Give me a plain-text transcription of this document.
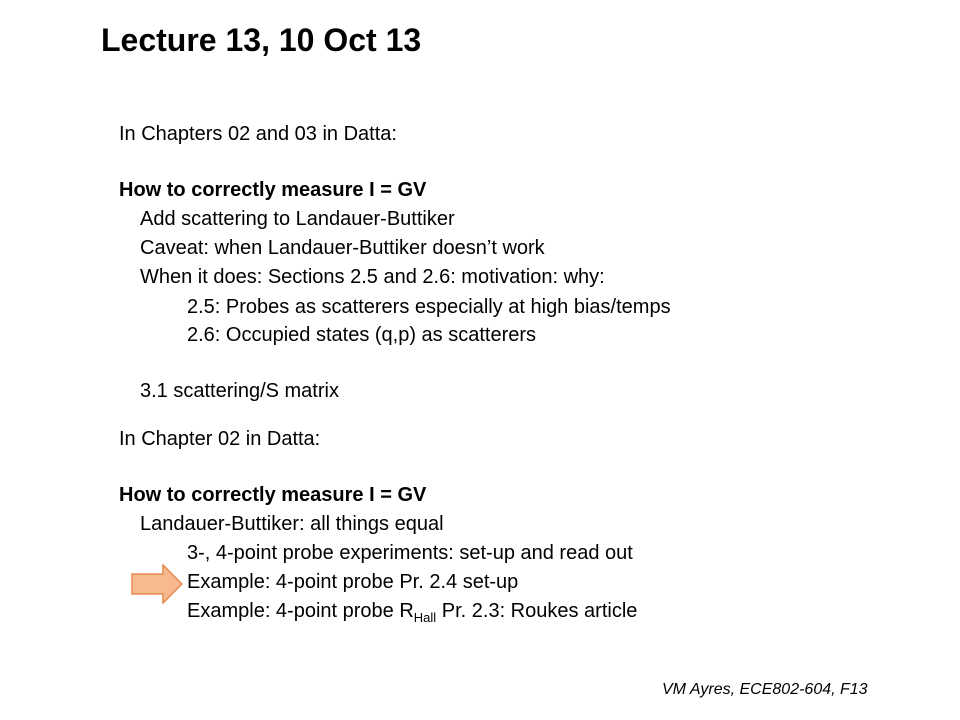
Lecture 13, 10 Oct 13
In Chapters 02 and 03 in Datta:
How to correctly measure I = GV
Add scattering to Landauer-Buttiker
Caveat: when Landauer-Buttiker doesn’t work
When it does: Sections 2.5 and 2.6: motivation: why:
2.5: Probes as scatterers especially at high bias/temps
2.6: Occupied states (q,p) as scatterers
3.1 scattering/S matrix
In Chapter 02 in Datta:
How to correctly measure I = GV
Landauer-Buttiker: all things equal
3-, 4-point probe experiments: set-up and read out
Example: 4-point probe Pr. 2.4 set-up
Example: 4-point probe $R_{Hall}$ Pr. 2.3: Roukes article
VM Ayres, ECE802-604, F13
